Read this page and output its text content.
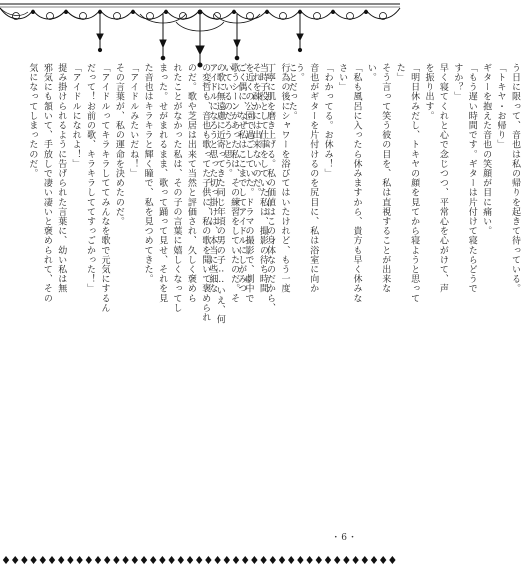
う日に限って、音也は私の帰りを起きて待っている。
「トキヤ・お帰り」
ギターを抱えた音也の笑顔が目に痛い。
「もう遅い時間です。ギターは片付けて寝たらどうで
すか？」
早く寝てくれと心で念じつつ、平常心を心がけて、声
を振り出す。
「明日休みだし、トキヤの顔を見てから寝ようと思って
た」
そう言って笑う彼の目を、私は直視することが出来な
い。
「私も風呂に入ったら休みますから、貴方も早く休みな
さい」
「わかってる。お休み！」
音也がギターを片付けるのを尻目に、私は浴室に向か
う。
行為の後にシャワーを浴びてはいたけれど、もう一度
丁寧に肌を磨き上げる。私の価値はこの身体なのだから、
それを疎かには出来ないのだ。
ごく偶に、なぜ私はここまでしてアイドルにしがみつ
いているのだろうと思う。
アイドルになろうと思った切っ掛けは、本当に些細な	ことだった。

当時子役として仕事をしていた私は、撮影の待ち時間
を近くの公園で過ごしていた。ドラマの撮影で、劇中で
歌うシーンがあった私は、その練習をしていたのだ。そ
の歌に無遠慮に近寄ってきた同じ年頃の男の子……いえ、何
の変哲も、音也も歌ってた子供に、私の歌を聞いて褒められ
のだ。歌や芝居は出来て当然と評価され、久しく褒めら
れたことがなかった私は、その子の言葉に嬉しくなってし
まった。せがまれるまま、歌って踊って見せ、それを見
た音也はキラキラと輝く瞳で、私を見つめてきた。
「アイドルみたいだね！」
その言葉が、私の運命を決めたのだ。
「アイドルってキラキラしててみんなを歌で元気にするん
だって！お前の歌、キラキラしててすっごかった！」
「アイドルになれよ！」
提み掛けられるように告げられた言葉に、幼い私は無
邪気にも頷いて、手放しで凄い凄いと褒められて、その
気になってしまったのだ。
・6・
